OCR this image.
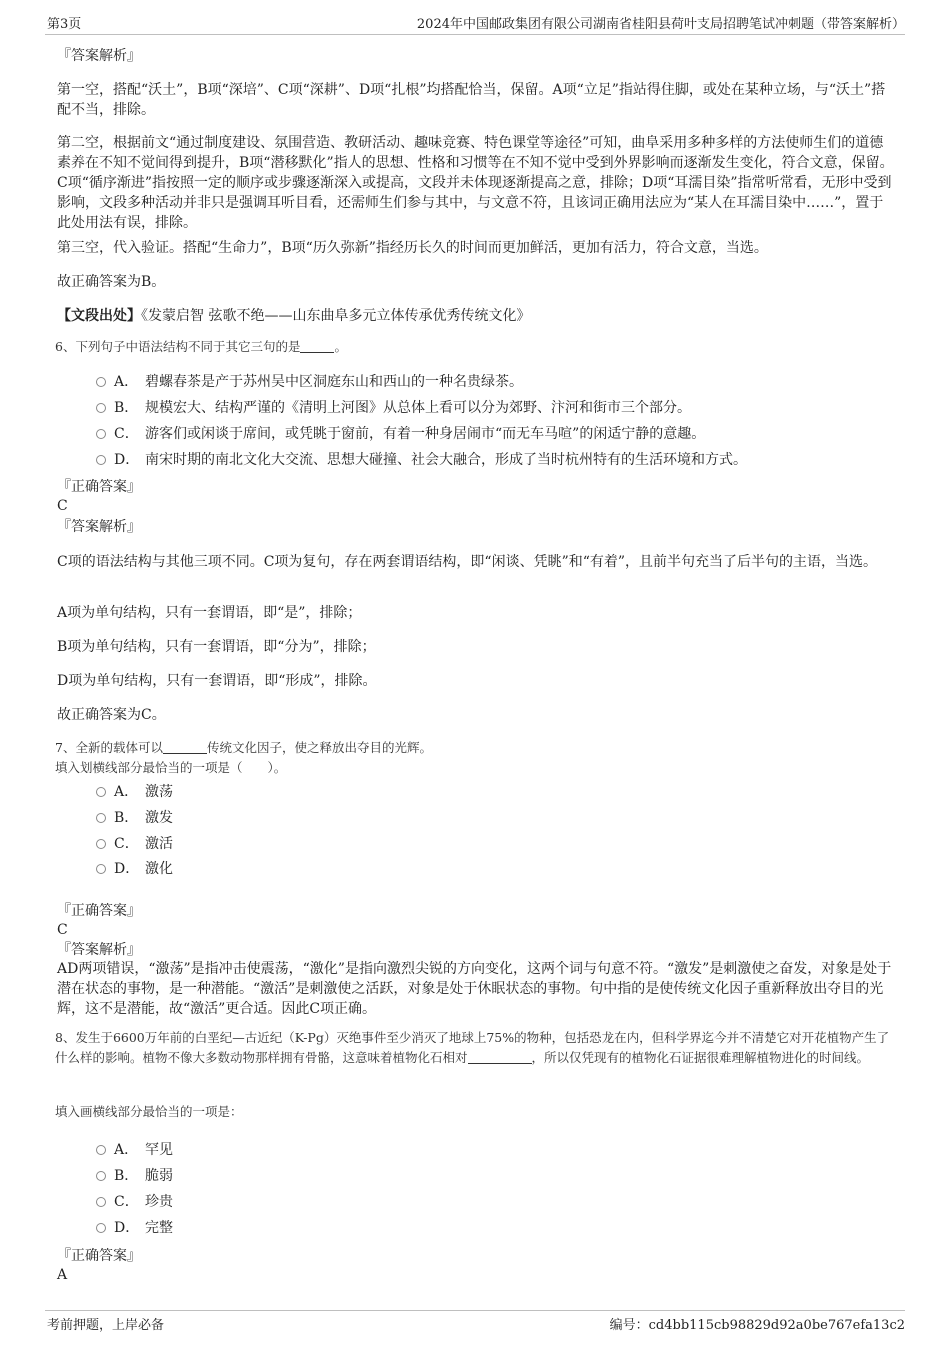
第3页	2024年中国邮政集团有限公司湖南省桂阳县荷叶支局招聘笔试冲刺题（带答案解析）

『答案解析』

第一空，搭配“沃土”，B项“深培”、C项“深耕”、D项“扎根”均搭配恰当，保留。A项“立足”指站得住脚，或处在某种立场，与“沃土”搭配不当，排除。

第二空，根据前文“通过制度建设、氛围营造、教研活动、趣味竞赛、特色课堂等途径”可知，曲阜采用多种多样的方法使师生们的道德素养在不知不觉间得到提升，B项“潜移默化”指人的思想、性格和习惯等在不知不觉中受到外界影响而逐渐发生变化，符合文意，保留。C项“循序渐进”指按照一定的顺序或步骤逐渐深入或提高，文段并未体现逐渐提高之意，排除；D项“耳濡目染”指常听常看，无形中受到影响，文段多种活动并非只是强调耳听目看，还需师生们参与其中，与文意不符，且该词正确用法应为“某人在耳濡目染中……”，置于此处用法有误，排除。

第三空，代入验证。搭配“生命力”，B项“历久弥新”指经历长久的时间而更加鲜活，更加有活力，符合文意，当选。

故正确答案为B。

【文段出处】《发蒙启智 弦歌不绝——山东曲阜多元立体传承优秀传统文化》

6、下列句子中语法结构不同于其它三句的是	。

A． 碧螺春茶是产于苏州吴中区洞庭东山和西山的一种名贵绿茶。
B． 规模宏大、结构严谨的《清明上河图》从总体上看可以分为郊野、汴河和街市三个部分。
C． 游客们或闲谈于席间，或凭眺于窗前，有着一种身居闹市“而无车马喧”的闲适宁静的意趣。
D． 南宋时期的南北文化大交流、思想大碰撞、社会大融合，形成了当时杭州特有的生活环境和方式。

『正确答案』

C

『答案解析』

C项的语法结构与其他三项不同。C项为复句，存在两套谓语结构，即“闲谈、凭眺”和“有着”，且前半句充当了后半句的主语，当选。

A项为单句结构，只有一套谓语，即“是”，排除；

B项为单句结构，只有一套谓语，即“分为”，排除；

D项为单句结构，只有一套谓语，即“形成”，排除。

故正确答案为C。

7、全新的载体可以	传统文化因子，使之释放出夺目的光辉。

填入划横线部分最恰当的一项是（　　）。

A． 激荡
B． 激发
C． 激活
D． 激化

『正确答案』

C

『答案解析』

AD两项错误，“激荡”是指冲击使震荡，“激化”是指向激烈尖锐的方向变化，这两个词与句意不符。“激发”是刺激使之奋发，对象是处于潜在状态的事物，是一种潜能。“激活”是刺激使之活跃，对象是处于休眠状态的事物。句中指的是使传统文化因子重新释放出夺目的光辉，这不是潜能，故“激活”更合适。因此C项正确。

8、发生于6600万年前的白垩纪—古近纪（K-Pg）灭绝事件至少消灭了地球上75%的物种，包括恐龙在内，但科学界迄今并不清楚它对开花植物产生了什么样的影响。植物不像大多数动物那样拥有骨骼，这意味着植物化石相对	，所以仅凭现有的植物化石证据很难理解植物进化的时间线。

填入画横线部分最恰当的一项是：

A． 罕见
B． 脆弱
C． 珍贵
D． 完整

『正确答案』

A

考前押题，上岸必备	编号：cd4bb115cb98829d92a0be767efa13c2
